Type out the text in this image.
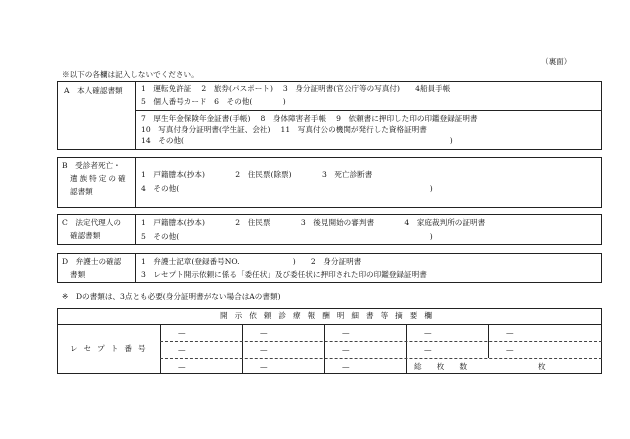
（裏面）
※以下の各欄は記入しないでください。
A　本人確認書類 1　運転免許証　 2　旅券(パスポート)　 3　身分証明書(官公庁等の写真付)　　4船員手帳
5　個人番号カード　6　その他(　　　　)
7　厚生年金保険年金証書(手帳)　 8　身体障害者手帳　 9　依頼書に押印した印の印鑑登録証明書
10　写真付身分証明書(学生証、会社)　 11　写真付公の機関が発行した資格証明書
14　その他(　　　　　　　　　　　　　　　　　　　　　　　　　　　　　　　　　　　)
B　受診者死亡・
遺族特定の確
認書類
1　戸籍謄本(抄本)　　　　2　住民票(除票)　　　　3　死亡診断書
4　その他(　　　　　　　　　　　　　　　　　　　　　　　　　　　　　　　　　)
C　法定代理人の
確認書類
1　戸籍謄本(抄本)　　　　2　住民票　　　　3　後見開始の審判書　　　　4　家庭裁判所の証明書
5　その他(　　　　　　　　　　　　　　　　　　　　　　　　　　　　　　　　　)
D　弁護士の確認
書類
1　弁護士記章(登録番号NO.　　　　　　　)　　2　身分証明書
3　レセプト開示依頼に係る「委任状」及び委任状に押印された印の印鑑登録証明書
※　Dの書類は、3点とも必要(身分証明書がない場合はAの書類)
開示依頼診療報酬明細書等摘要欄
レセプト番号
—	—	—	—	—
—	—	—	—	—
—	—	—	総　　枚　　数	枚
